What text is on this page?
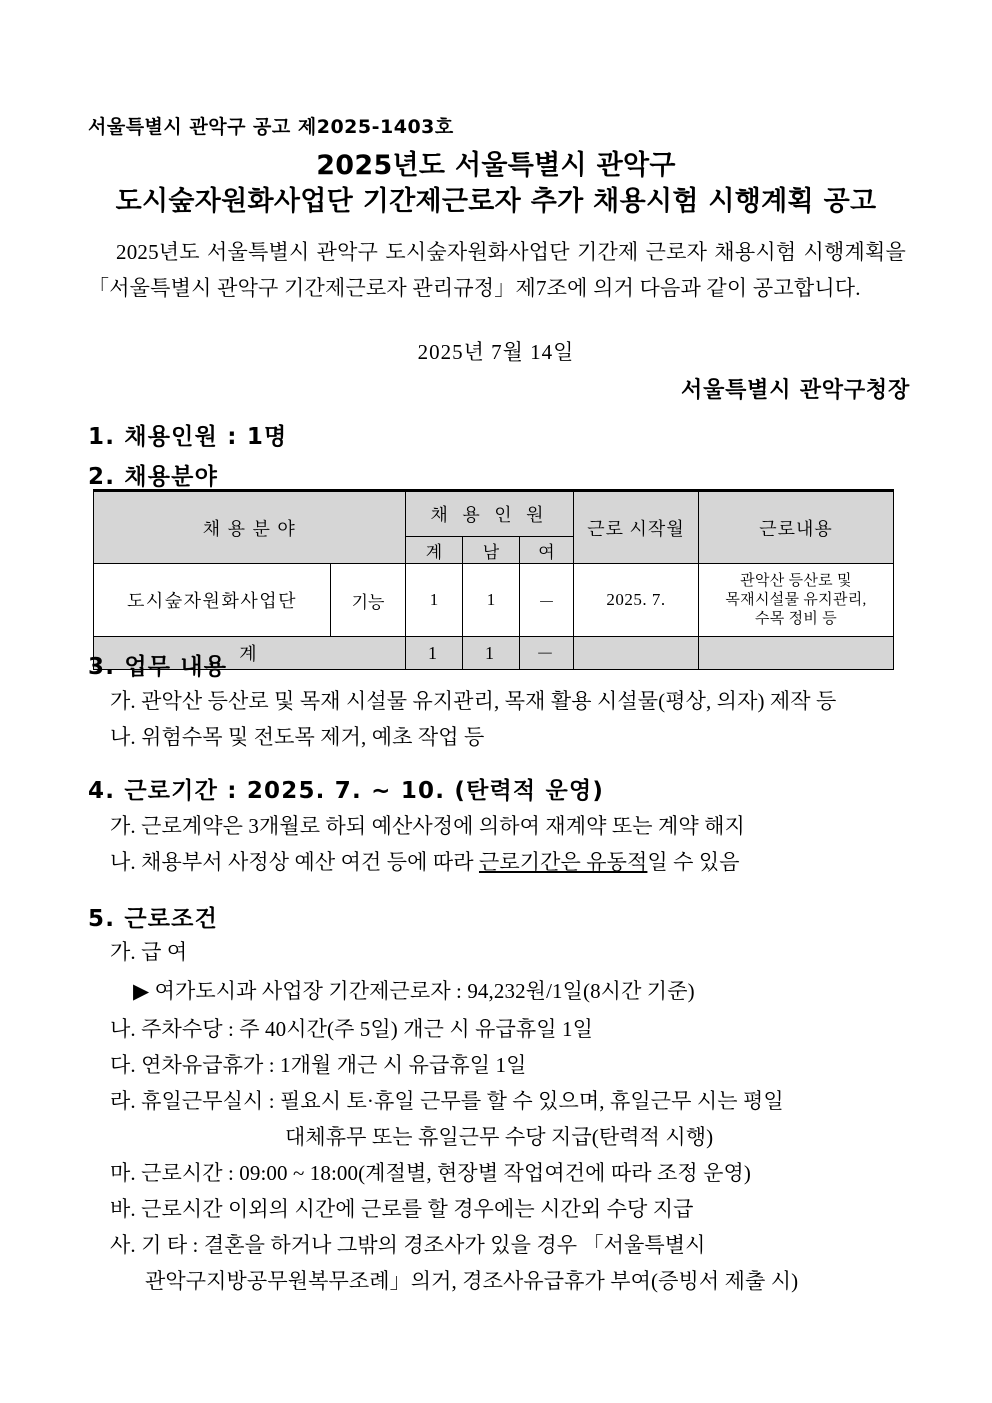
서울특별시 관악구 공고 제2025-1403호
2025년도 서울특별시 관악구
도시숲자원화사업단 기간제근로자 추가 채용시험 시행계획 공고
2025년도 서울특별시 관악구 도시숲자원화사업단 기간제 근로자 채용시험 시행계획을「서울특별시 관악구 기간제근로자 관리규정」제7조에 의거 다음과 같이 공고합니다.
2025년 7월 14일
서울특별시 관악구청장
1. 채용인원 : 1명
2. 채용분야
채 용 분 야		채 용 인 원			근로 시작월	근로내용
		계	남	여		
도시숲자원화사업단	기능	1	1	－	2025. 7.	관악산 등산로 및
목재시설물 유지관리,
수목 정비 등

계		1	1	－		
3. 업무 내용
가. 관악산 등산로 및 목재 시설물 유지관리, 목재 활용 시설물(평상, 의자) 제작 등
나. 위험수목 및 전도목 제거, 예초 작업 등
4. 근로기간 : 2025. 7. ~ 10. (탄력적 운영)
가. 근로계약은 3개월로 하되 예산사정에 의하여 재계약 또는 계약 해지
나. 채용부서 사정상 예산 여건 등에 따라 근로기간은 유동적일 수 있음
5. 근로조건
가. 급 여
▶ 여가도시과 사업장 기간제근로자 : 94,232원/1일(8시간 기준)
나. 주차수당 : 주 40시간(주 5일) 개근 시 유급휴일 1일
다. 연차유급휴가 : 1개월 개근 시 유급휴일 1일
라. 휴일근무실시 : 필요시 토·휴일 근무를 할 수 있으며, 휴일근무 시는 평일
대체휴무 또는 휴일근무 수당 지급(탄력적 시행)
마. 근로시간 : 09:00 ~ 18:00(계절별, 현장별 작업여건에 따라 조정 운영)
바. 근로시간 이외의 시간에 근로를 할 경우에는 시간외 수당 지급
사. 기 타 : 결혼을 하거나 그밖의 경조사가 있을 경우 「서울특별시
관악구지방공무원복무조례」의거, 경조사유급휴가 부여(증빙서 제출 시)
